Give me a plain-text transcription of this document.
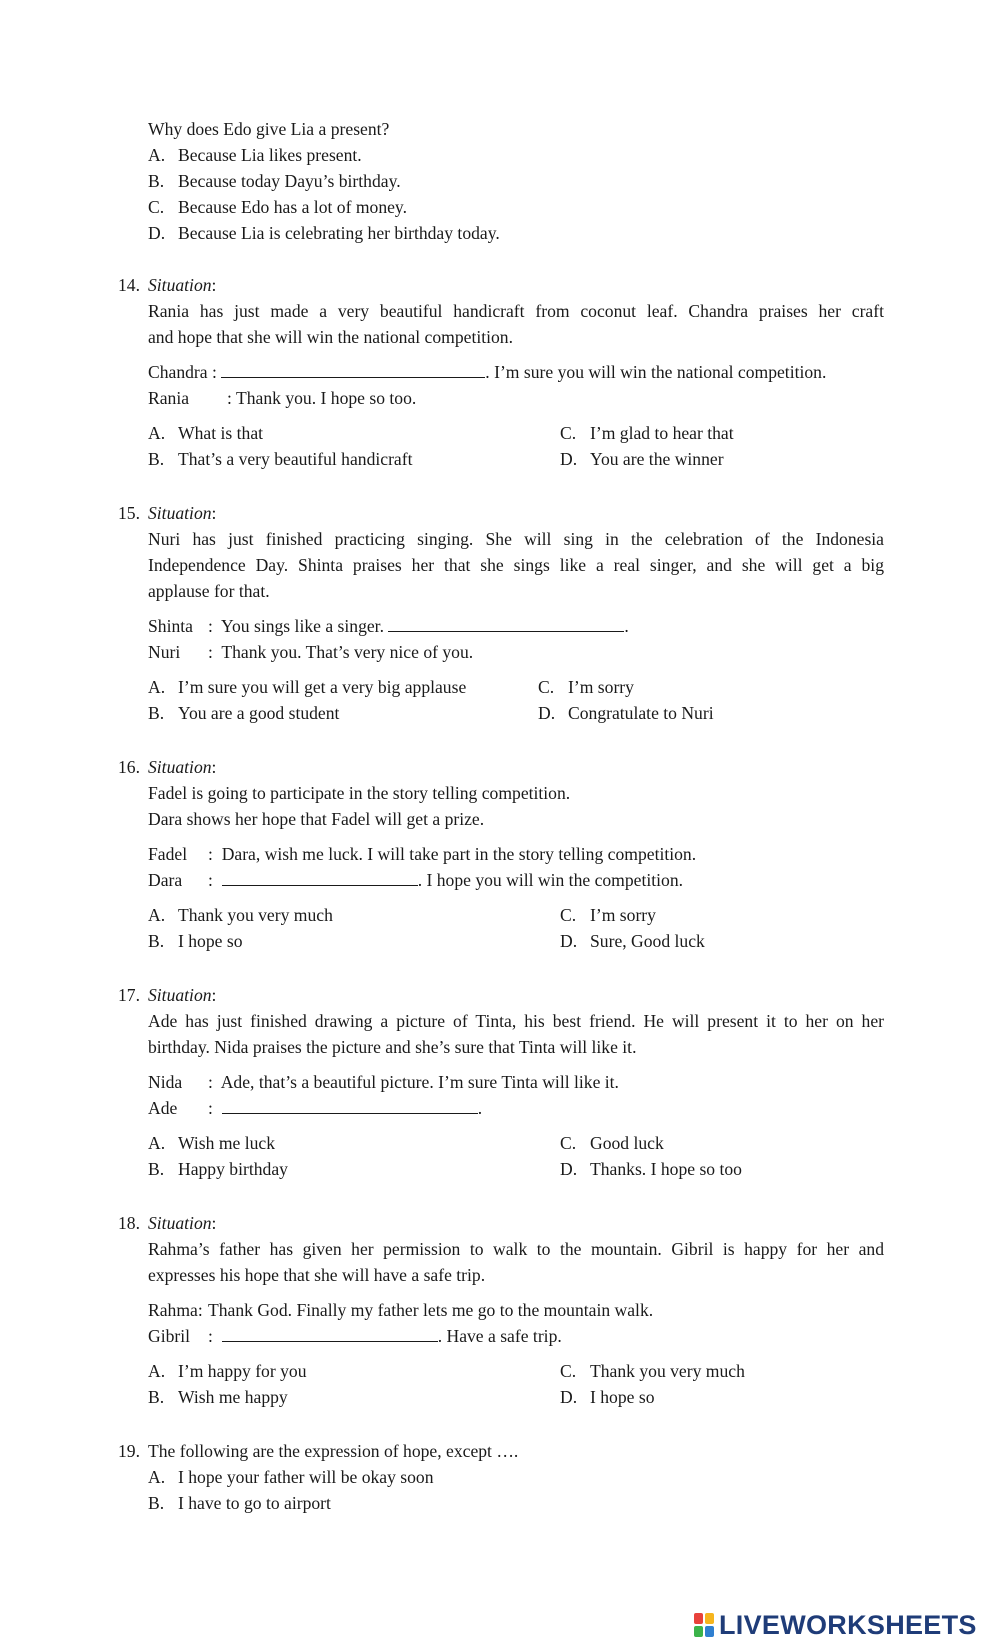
Why does Edo give Lia a present?
A. Because Lia likes present.
B. Because today Dayu’s birthday.
C. Because Edo has a lot of money.
D. Because Lia is celebrating her birthday today.
14. Situation:
Rania has just made a very beautiful handicraft from coconut leaf. Chandra praises her craft
and hope that she will win the national competition.
Chandra :	. I’m sure you will win the national competition.
Rania : Thank you. I hope so too.
A. What is that
B. That’s a very beautiful handicraft
C. I’m glad to hear that
D. You are the winner
15. Situation:
Nuri has just finished practicing singing. She will sing in the celebration of the Indonesia
Independence Day. Shinta praises her that she sings like a real singer, and she will get a big
applause for that.
Shinta : You sings like a singer.	.
Nuri : Thank you. That’s very nice of you.
A. I’m sure you will get a very big applause
B. You are a good student
C. I’m sorry
D. Congratulate to Nuri
16. Situation:
Fadel is going to participate in the story telling competition.
Dara shows her hope that Fadel will get a prize.
Fadel : Dara, wish me luck. I will take part in the story telling competition.
Dara :	. I hope you will win the competition.
A. Thank you very much
B. I hope so
C. I’m sorry
D. Sure, Good luck
17. Situation:
Ade has just finished drawing a picture of Tinta, his best friend. He will present it to her on her
birthday. Nida praises the picture and she’s sure that Tinta will like it.
Nida : Ade, that’s a beautiful picture. I’m sure Tinta will like it.
Ade :	.
A. Wish me luck
B. Happy birthday
C. Good luck
D. Thanks. I hope so too
18. Situation:
Rahma’s father has given her permission to walk to the mountain. Gibril is happy for her and
expresses his hope that she will have a safe trip.
Rahma: Thank God. Finally my father lets me go to the mountain walk.
Gibril :	. Have a safe trip.
A. I’m happy for you
B. Wish me happy
C. Thank you very much
D. I hope so
19. The following are the expression of hope, except ….
A. I hope your father will be okay soon
B. I have to go to airport
LIVEWORKSHEETS
